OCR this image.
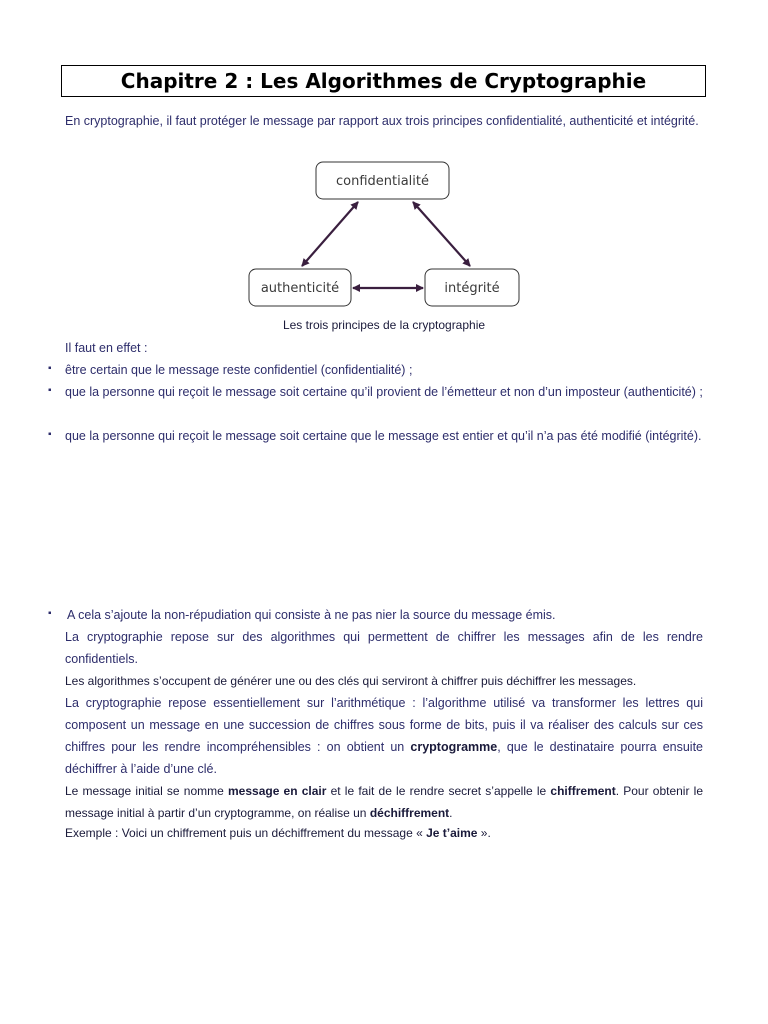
Chapitre 2 : Les Algorithmes de Cryptographie
En cryptographie, il faut protéger le message par rapport aux trois principes confidentialité, authenticité et intégrité.
confidentialité
authenticité	intégrité
Les trois principes de la cryptographie
Il faut en effet :
▪ être certain que le message reste confidentiel (confidentialité) ;
▪ que la personne qui reçoit le message soit certaine qu’il provient de l’émetteur et non d’un imposteur (authenticité) ;
▪ que la personne qui reçoit le message soit certaine que le message est entier et qu’il n’a pas été modifié (intégrité).
▪ A cela s’ajoute la non-répudiation qui consiste à ne pas nier la source du message émis.
La cryptographie repose sur des algorithmes qui permettent de chiffrer les messages afin de les rendre confidentiels.
Les algorithmes s’occupent de générer une ou des clés qui serviront à chiffrer puis déchiffrer les messages.
La cryptographie repose essentiellement sur l’arithmétique : l’algorithme utilisé va transformer les lettres qui composent un message en une succession de chiffres sous forme de bits, puis il va réaliser des calculs sur ces chiffres pour les rendre incompréhensibles : on obtient un cryptogramme, que le destinataire pourra ensuite déchiffrer à l’aide d’une clé.
Le message initial se nomme message en clair et le fait de le rendre secret s’appelle le chiffrement. Pour obtenir le message initial à partir d’un cryptogramme, on réalise un déchiffrement.
Exemple : Voici un chiffrement puis un déchiffrement du message « Je t’aime ».
